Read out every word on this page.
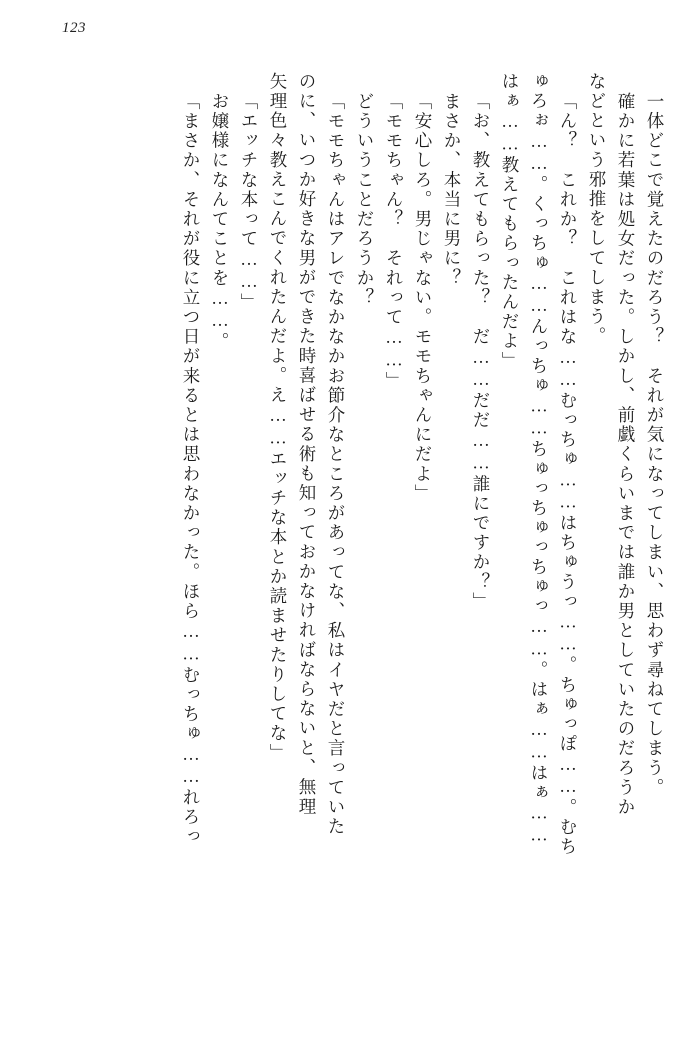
123
一体どこで覚えたのだろう？　それが気になってしまい、思わず尋ねてしまう。
確かに若葉は処女だった。しかし、前戯くらいまでは誰か男としていたのだろうか
などという邪推をしてしまう。
「ん？　これか？　これはな……むっちゅ……はちゅうっ……。ちゅっぽ……。むち
ゅろぉ……。くっちゅ……んっちゅ……ちゅっちゅっちゅっ……。はぁ……はぁ……
はぁ……教えてもらったんだよ」
「お、教えてもらった？　だ……だだ……誰にですか？」
まさか、本当に男に？
「安心しろ。男じゃない。モモちゃんにだよ」
「モモちゃん？　それって……」
どういうことだろうか？
「モモちゃんはアレでなかなかお節介なところがあってな、私はイヤだと言っていた
のに、いつか好きな男ができた時喜ばせる術も知っておかなければならないと、無理
矢理色々教えこんでくれたんだよ。え……エッチな本とか読ませたりしてな」
「エッチな本って……」
お嬢様になんてことを……。
「まさか、それが役に立つ日が来るとは思わなかった。ほら……むっちゅ……れろっ
